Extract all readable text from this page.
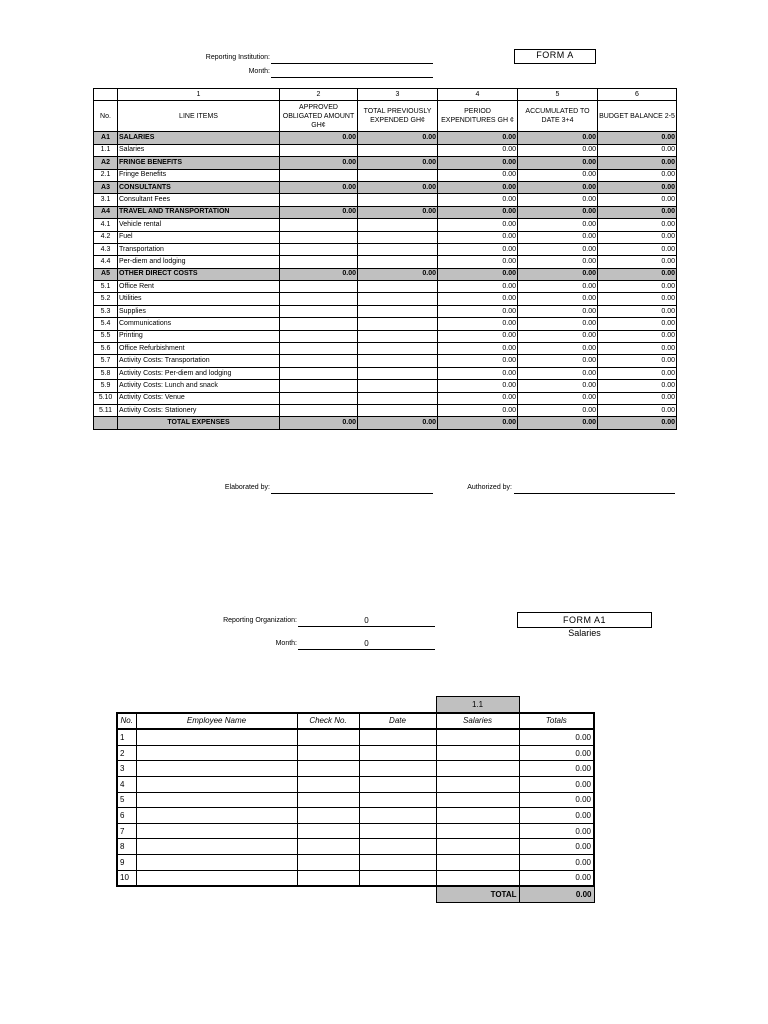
Reporting Institution:
Month:
FORM A
	1	2	3	4	5	6
No.	LINE ITEMS	APPROVED OBLIGATED AMOUNT GH¢	TOTAL PREVIOUSLY EXPENDED GH¢	PERIOD EXPENDITURES GH ¢	ACCUMULATED TO DATE 3+4	BUDGET BALANCE 2-5
A1	SALARIES	0.00	0.00	0.00	0.00	0.00
1.1	Salaries			0.00	0.00	0.00
A2	FRINGE BENEFITS	0.00	0.00	0.00	0.00	0.00
2.1	Fringe Benefits			0.00	0.00	0.00
A3	CONSULTANTS	0.00	0.00	0.00	0.00	0.00
3.1	Consultant Fees			0.00	0.00	0.00
A4	TRAVEL AND TRANSPORTATION	0.00	0.00	0.00	0.00	0.00
4.1	Vehicle rental			0.00	0.00	0.00
4.2	Fuel			0.00	0.00	0.00
4.3	Transportation			0.00	0.00	0.00
4.4	Per-diem and lodging			0.00	0.00	0.00
A5	OTHER DIRECT COSTS	0.00	0.00	0.00	0.00	0.00
5.1	Office Rent			0.00	0.00	0.00
5.2	Utilities			0.00	0.00	0.00
5.3	Supplies			0.00	0.00	0.00
5.4	Communications			0.00	0.00	0.00
5.5	Printing			0.00	0.00	0.00
5.6	Office Refurbishment			0.00	0.00	0.00
5.7	Activity Costs: Transportation			0.00	0.00	0.00
5.8	Activity Costs: Per-diem and lodging			0.00	0.00	0.00
5.9	Activity Costs: Lunch and snack			0.00	0.00	0.00
5.10	Activity Costs: Venue			0.00	0.00	0.00
5.11	Activity Costs: Stationery			0.00	0.00	0.00
	TOTAL EXPENSES	0.00	0.00	0.00	0.00	0.00
Elaborated by:	Authorized by:
Reporting Organization:	0
Month:	0
FORM A1
Salaries
				1.1	
No.	Employee Name	Check No.	Date	Salaries	Totals
1					0.00
2					0.00
3					0.00
4					0.00
5					0.00
6					0.00
7					0.00
8					0.00
9					0.00
10					0.00
				TOTAL	0.00
